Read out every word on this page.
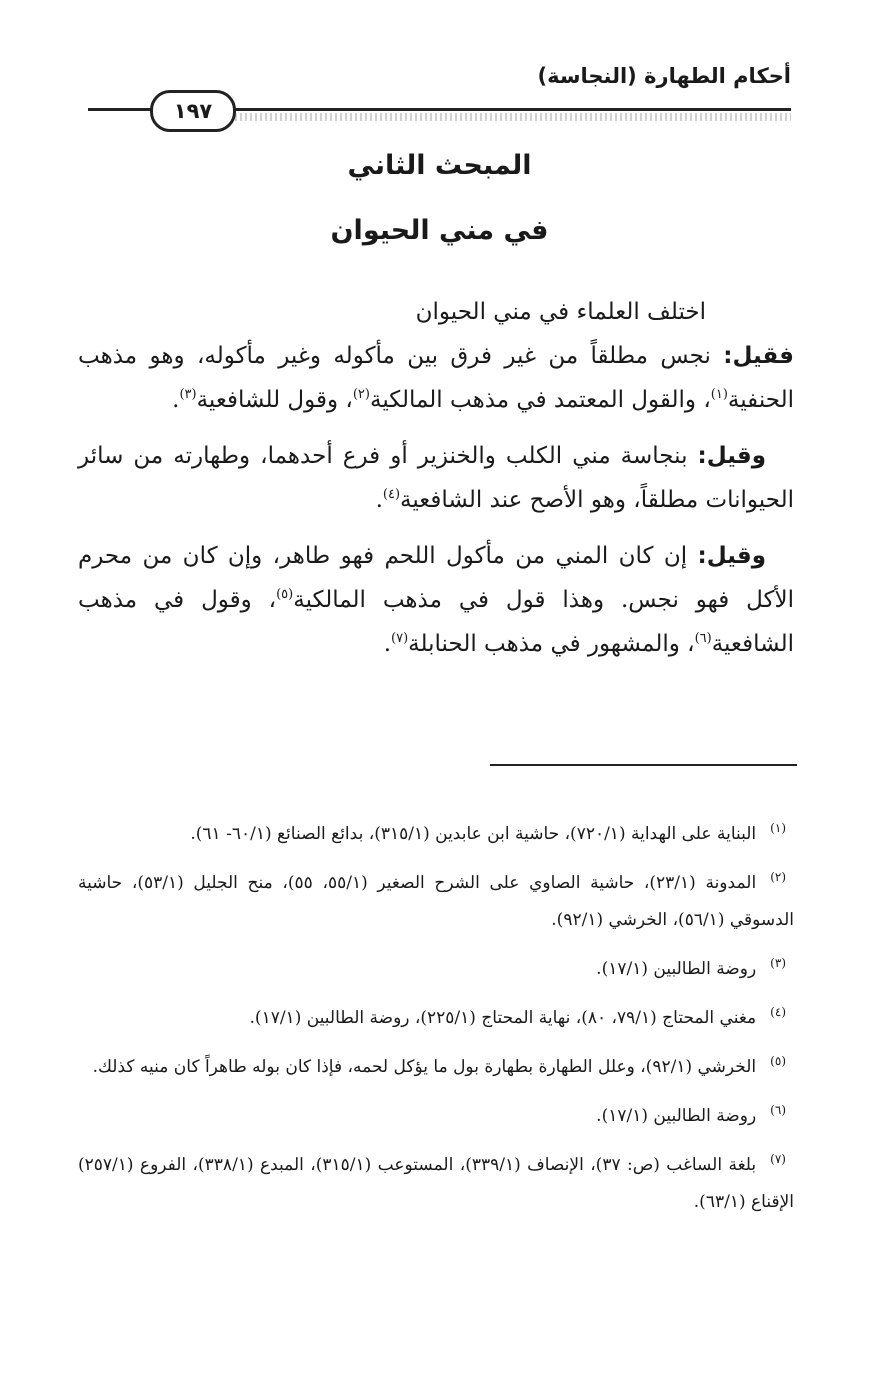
أحكام الطهارة (النجاسة)
١٩٧
المبحث الثاني
في مني الحيوان

اختلف العلماء في مني الحيوان

فقيل: نجس مطلقاً من غير فرق بين مأكوله وغير مأكوله، وهو مذهب الحنفية$^{(١)}$، والقول المعتمد في مذهب المالكية$^{(٢)}$، وقول للشافعية$^{(٣)}$.

وقيل: بنجاسة مني الكلب والخنزير أو فرع أحدهما، وطهارته من سائر الحيوانات مطلقاً، وهو الأصح عند الشافعية$^{(٤)}$.

وقيل: إن كان المني من مأكول اللحم فهو طاهر، وإن كان من محرم الأكل فهو نجس. وهذا قول في مذهب المالكية$^{(٥)}$، وقول في مذهب الشافعية$^{(٦)}$، والمشهور في مذهب الحنابلة$^{(٧)}$.

$^{(١)}$البناية على الهداية (٧٢٠/١)، حاشية ابن عابدين (٣١٥/١)، بدائع الصنائع (٦٠/١- ٦١).

$^{(٢)}$المدونة (٢٣/١)، حاشية الصاوي على الشرح الصغير (٥٥/١، ٥٥)، منح الجليل (٥٣/١)، حاشية الدسوقي (٥٦/١)، الخرشي (٩٢/١).

$^{(٣)}$روضة الطالبين (١٧/١).

$^{(٤)}$مغني المحتاج (٧٩/١، ٨٠)، نهاية المحتاج (٢٢٥/١)، روضة الطالبين (١٧/١).

$^{(٥)}$الخرشي (٩٢/١)، وعلل الطهارة بطهارة بول ما يؤكل لحمه، فإذا كان بوله طاهراً كان منيه كذلك.

$^{(٦)}$روضة الطالبين (١٧/١).

$^{(٧)}$بلغة الساغب (ص: ٣٧)، الإنصاف (٣٣٩/١)، المستوعب (٣١٥/١)، المبدع (٣٣٨/١)، الفروع (٢٥٧/١) الإقناع (٦٣/١).
